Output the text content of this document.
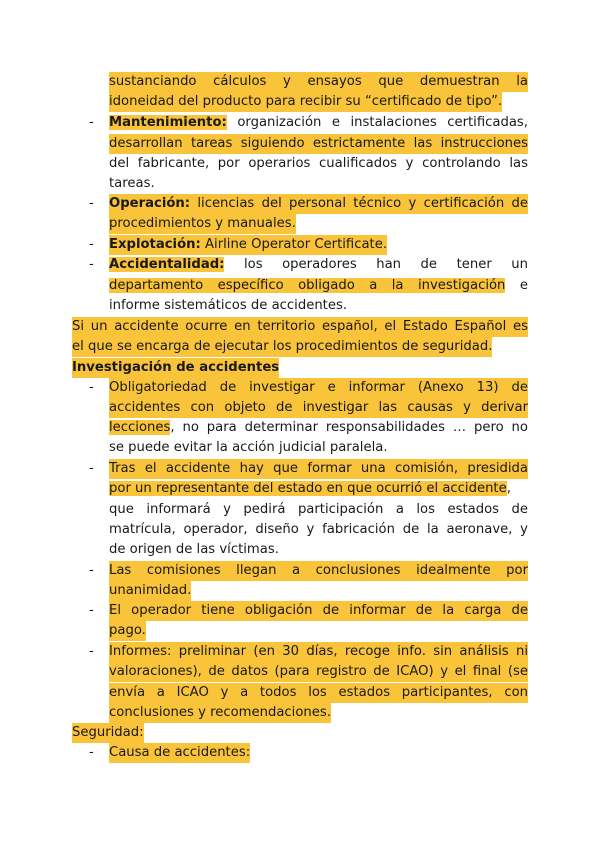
sustanciando cálculos y ensayos que demuestran la
idoneidad del producto para recibir su “certificado de tipo”.
- Mantenimiento: organización e instalaciones certificadas,
desarrollan tareas siguiendo estrictamente las instrucciones
del fabricante, por operarios cualificados y controlando las
tareas.
- Operación: licencias del personal técnico y certificación de
procedimientos y manuales.
- Explotación: Airline Operator Certificate.
- Accidentalidad: los operadores han de tener un
departamento específico obligado a la investigación e
informe sistemáticos de accidentes.
Si un accidente ocurre en territorio español, el Estado Español es
el que se encarga de ejecutar los procedimientos de seguridad.
Investigación de accidentes
- Obligatoriedad de investigar e informar (Anexo 13) de
accidentes con objeto de investigar las causas y derivar
lecciones, no para determinar responsabilidades … pero no
se puede evitar la acción judicial paralela.
- Tras el accidente hay que formar una comisión, presidida
por un representante del estado en que ocurrió el accidente,
que informará y pedirá participación a los estados de
matrícula, operador, diseño y fabricación de la aeronave, y
de origen de las víctimas.
- Las comisiones llegan a conclusiones idealmente por
unanimidad.
- El operador tiene obligación de informar de la carga de
pago.
- Informes: preliminar (en 30 días, recoge info. sin análisis ni
valoraciones), de datos (para registro de ICAO) y el final (se
envía a ICAO y a todos los estados participantes, con
conclusiones y recomendaciones.
Seguridad:
- Causa de accidentes:
